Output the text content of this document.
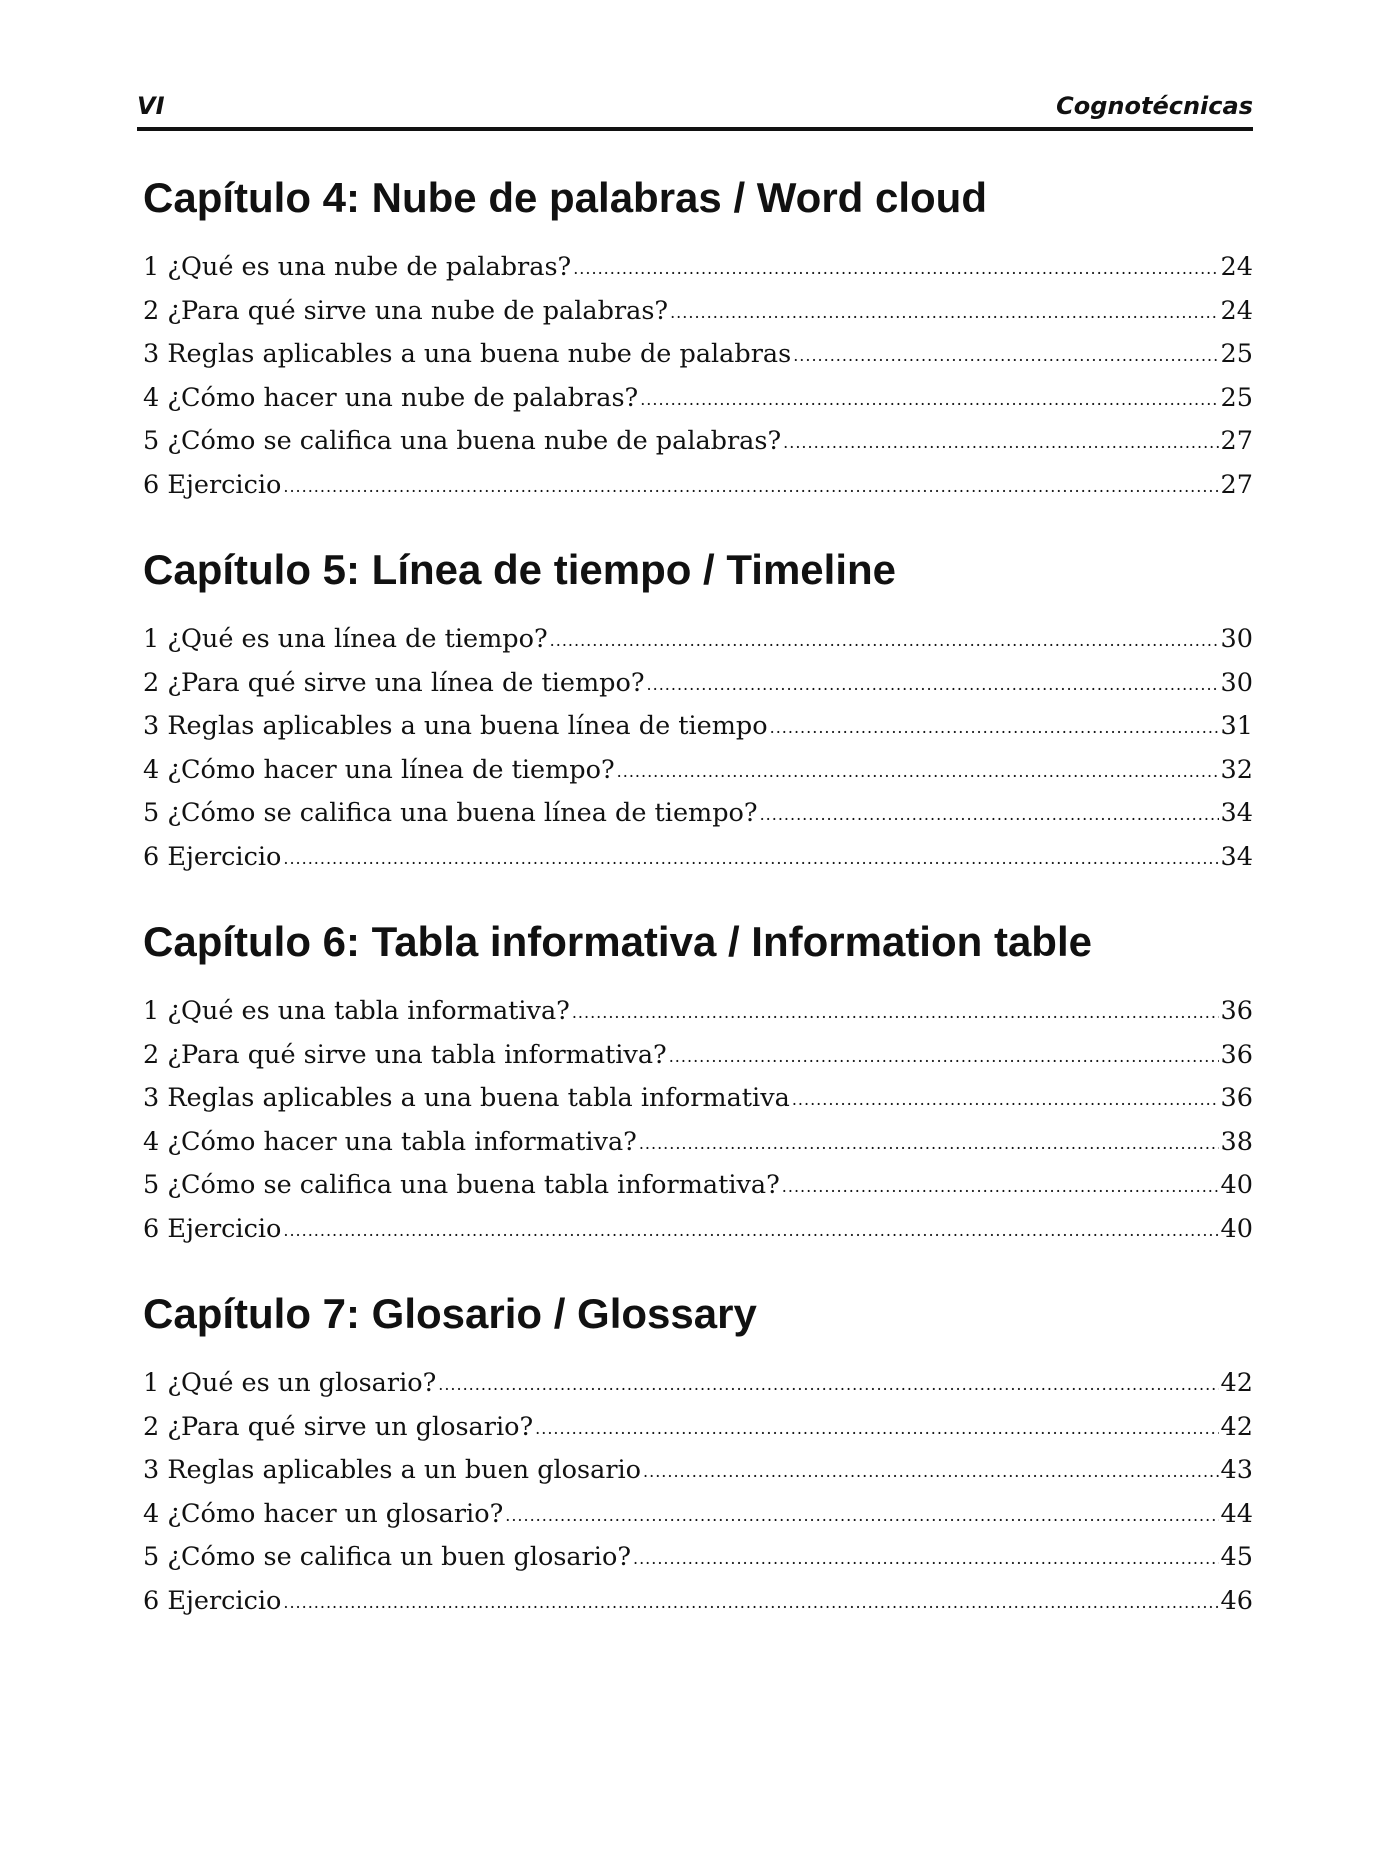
VI	Cognotécnicas
Capítulo 4: Nube de palabras / Word cloud
1 ¿Qué es una nube de palabras? .....	24
2 ¿Para qué sirve una nube de palabras? .....	24
3 Reglas aplicables a una buena nube de palabras .....	25
4 ¿Cómo hacer una nube de palabras? .....	25
5 ¿Cómo se califica una buena nube de palabras? .....	27
6 Ejercicio .....	27
Capítulo 5: Línea de tiempo / Timeline
1 ¿Qué es una línea de tiempo? .....	30
2 ¿Para qué sirve una línea de tiempo? .....	30
3 Reglas aplicables a una buena línea de tiempo .....	31
4 ¿Cómo hacer una línea de tiempo? .....	32
5 ¿Cómo se califica una buena línea de tiempo? .....	34
6 Ejercicio .....	34
Capítulo 6: Tabla informativa / Information table
1 ¿Qué es una tabla informativa? .....	36
2 ¿Para qué sirve una tabla informativa? .....	36
3 Reglas aplicables a una buena tabla informativa .....	36
4 ¿Cómo hacer una tabla informativa? .....	38
5 ¿Cómo se califica una buena tabla informativa? .....	40
6 Ejercicio .....	40
Capítulo 7: Glosario / Glossary
1 ¿Qué es un glosario? .....	42
2 ¿Para qué sirve un glosario? .....	42
3 Reglas aplicables a un buen glosario .....	43
4 ¿Cómo hacer un glosario? .....	44
5 ¿Cómo se califica un buen glosario? .....	45
6 Ejercicio .....	46
